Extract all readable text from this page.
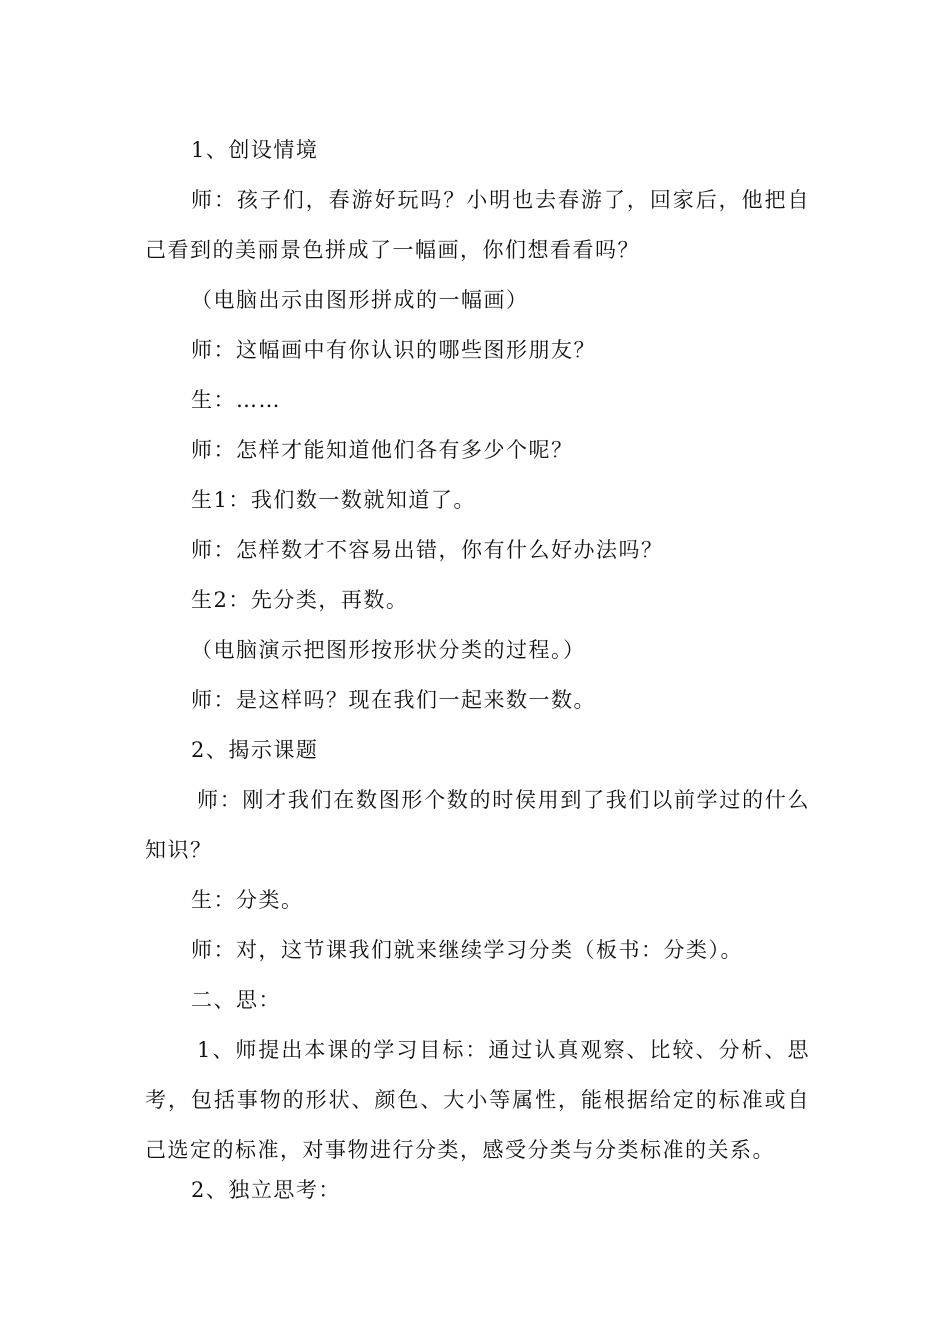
1、创设情境

师：孩子们，春游好玩吗？小明也去春游了，回家后，他把自己看到的美丽景色拼成了一幅画，你们想看看吗？

（电脑出示由图形拼成的一幅画）

师：这幅画中有你认识的哪些图形朋友？

生：……

师：怎样才能知道他们各有多少个呢？

生1：我们数一数就知道了。

师：怎样数才不容易出错，你有什么好办法吗？

生2：先分类，再数。

（电脑演示把图形按形状分类的过程。）

师：是这样吗？现在我们一起来数一数。

2、揭示课题

师：刚才我们在数图形个数的时侯用到了我们以前学过的什么知识？

生：分类。

师：对，这节课我们就来继续学习分类（板书：分类）。

二、思：

1、师提出本课的学习目标：通过认真观察、比较、分析、思考，包括事物的形状、颜色、大小等属性，能根据给定的标准或自己选定的标准，对事物进行分类，感受分类与分类标准的关系。

2、独立思考：
